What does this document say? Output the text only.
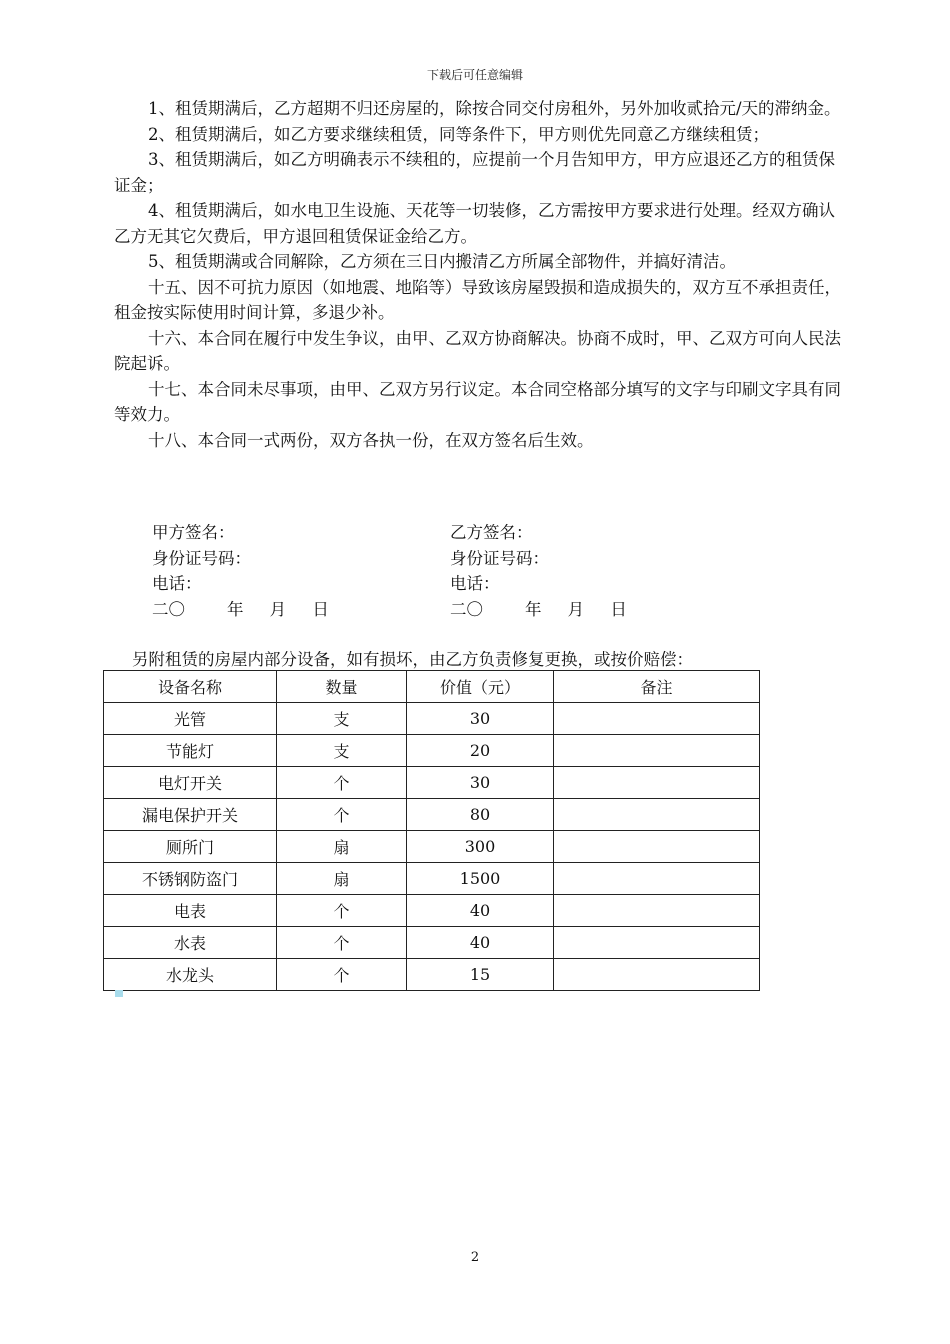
下载后可任意编辑

1、租赁期满后，乙方超期不归还房屋的，除按合同交付房租外，另外加收贰拾元/天的滞纳金。

2、租赁期满后，如乙方要求继续租赁，同等条件下，甲方则优先同意乙方继续租赁；

3、租赁期满后，如乙方明确表示不续租的，应提前一个月告知甲方，甲方应退还乙方的租赁保证金；

4、租赁期满后，如水电卫生设施、天花等一切装修，乙方需按甲方要求进行处理。经双方确认乙方无其它欠费后，甲方退回租赁保证金给乙方。

5、租赁期满或合同解除，乙方须在三日内搬清乙方所属全部物件，并搞好清洁。

十五、因不可抗力原因（如地震、地陷等）导致该房屋毁损和造成损失的，双方互不承担责任，租金按实际使用时间计算，多退少补。

十六、本合同在履行中发生争议，由甲、乙双方协商解决。协商不成时，甲、乙双方可向人民法院起诉。

十七、本合同未尽事项，由甲、乙双方另行议定。本合同空格部分填写的文字与印刷文字具有同等效力。

十八、本合同一式两份，双方各执一份，在双方签名后生效。

甲方签名：	乙方签名：
身份证号码：	身份证号码：
电话：	电话：
二〇        年     月     日	二〇        年     月     日
另附租赁的房屋内部分设备，如有损坏，由乙方负责修复更换，或按价赔偿：
设备名称	数量	价值（元）	备注
光管	支	30	
节能灯	支	20	
电灯开关	个	30	
漏电保护开关	个	80	
厕所门	扇	300	
不锈钢防盗门	扇	1500	
电表	个	40	
水表	个	40	
水龙头	个	15	
2
